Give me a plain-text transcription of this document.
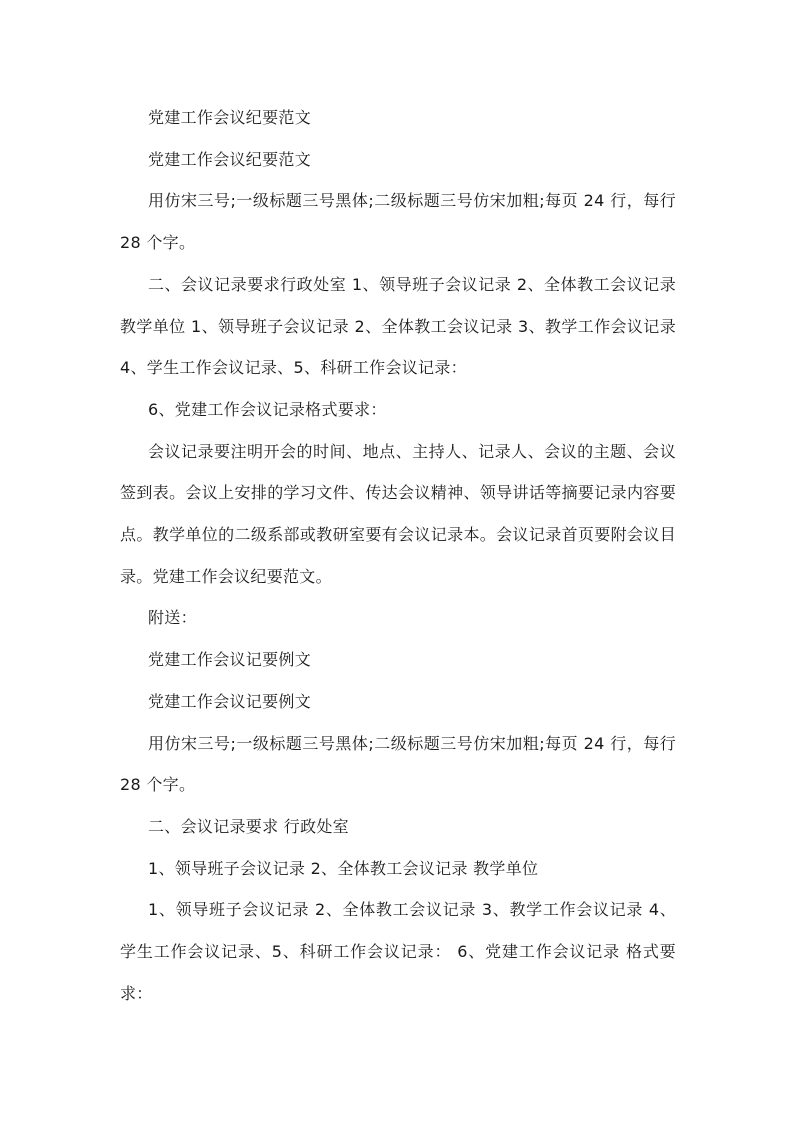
党建工作会议纪要范文

党建工作会议纪要范文

用仿宋三号;一级标题三号黑体;二级标题三号仿宋加粗;每页 24 行，每行 28 个字。

二、会议记录要求行政处室 1、领导班子会议记录 2、全体教工会议记录教学单位 1、领导班子会议记录 2、全体教工会议记录 3、教学工作会议记录 4、学生工作会议记录、5、科研工作会议记录：

6、党建工作会议记录格式要求：

会议记录要注明开会的时间、地点、主持人、记录人、会议的主题、会议签到表。会议上安排的学习文件、传达会议精神、领导讲话等摘要记录内容要点。教学单位的二级系部或教研室要有会议记录本。会议记录首页要附会议目录。党建工作会议纪要范文。

附送：

党建工作会议记要例文

党建工作会议记要例文

用仿宋三号;一级标题三号黑体;二级标题三号仿宋加粗;每页 24 行，每行 28 个字。

二、会议记录要求 行政处室

1、领导班子会议记录 2、全体教工会议记录 教学单位

1、领导班子会议记录 2、全体教工会议记录 3、教学工作会议记录 4、学生工作会议记录、5、科研工作会议记录： 6、党建工作会议记录 格式要求：
